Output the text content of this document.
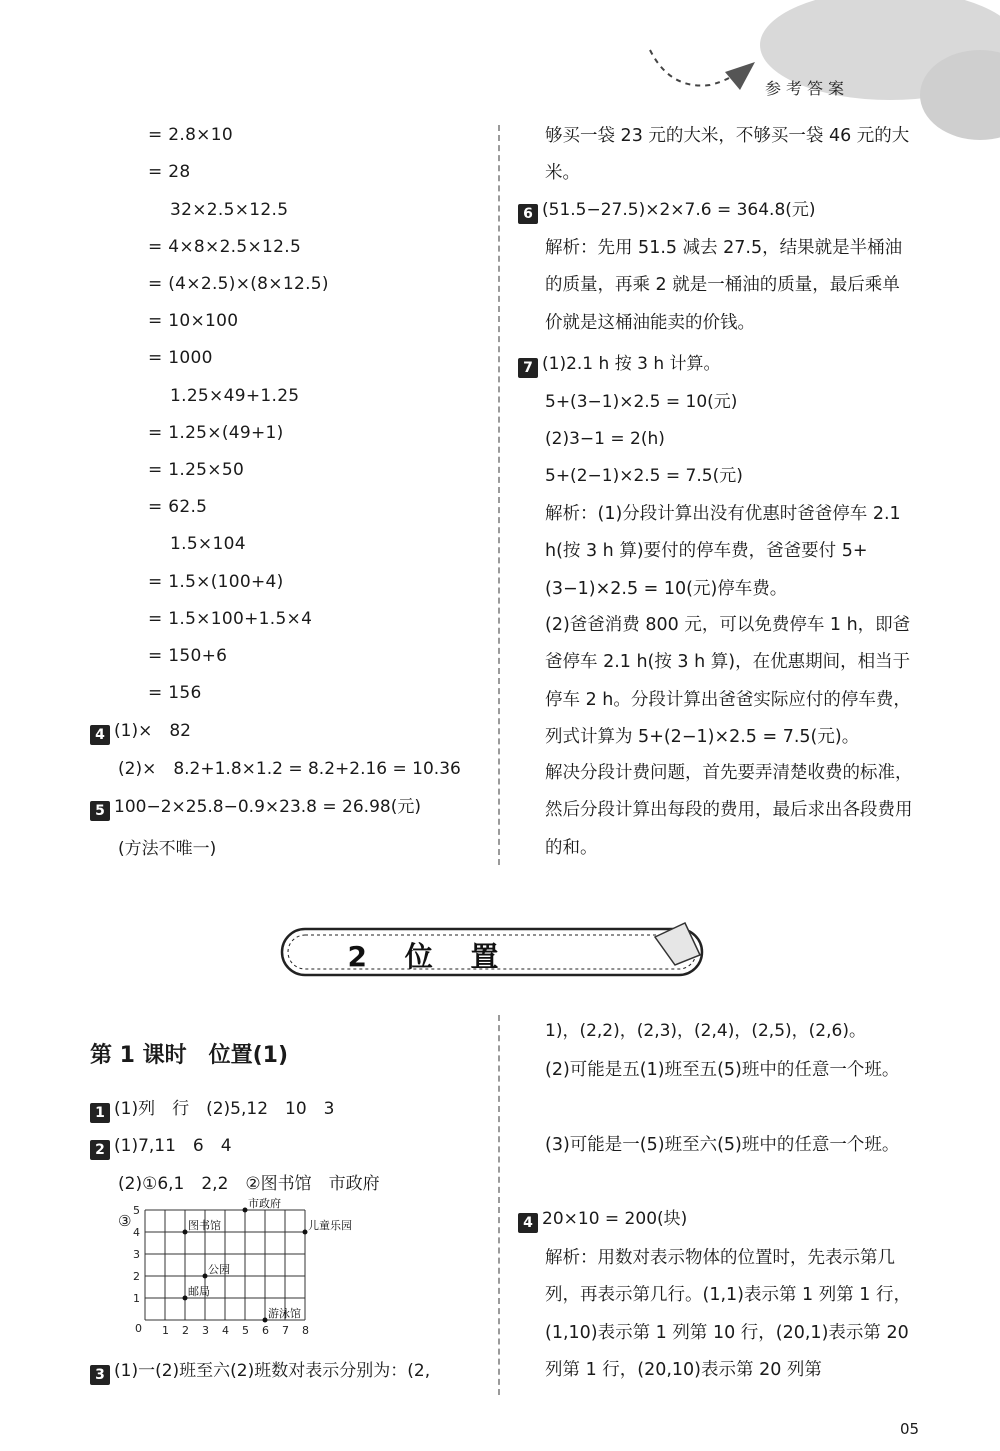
参考答案
= 2.8×10
= 28
32×2.5×12.5
= 4×8×2.5×12.5
= (4×2.5)×(8×12.5)
= 10×100
= 1000
1.25×49+1.25
= 1.25×(49+1)
= 1.25×50
= 62.5
1.5×104
= 1.5×(100+4)
= 1.5×100+1.5×4
= 150+6
= 156
4 (1)×　82
(2)×　8.2+1.8×1.2 = 8.2+2.16 = 10.36
5 100−2×25.8−0.9×23.8 = 26.98(元)
(方法不唯一)
够买一袋 23 元的大米，不够买一袋 46 元的大米。
6 (51.5−27.5)×2×7.6 = 364.8(元)
解析：先用 51.5 减去 27.5，结果就是半桶油的质量，再乘 2 就是一桶油的质量，最后乘单价就是这桶油能卖的价钱。
7 (1)2.1 h 按 3 h 计算。
5+(3−1)×2.5 = 10(元)
(2)3−1 = 2(h)
5+(2−1)×2.5 = 7.5(元)
解析：(1)分段计算出没有优惠时爸爸停车 2.1 h(按 3 h 算)要付的停车费，爸爸要付 5+(3−1)×2.5 = 10(元)停车费。
(2)爸爸消费 800 元，可以免费停车 1 h，即爸爸停车 2.1 h(按 3 h 算)，在优惠期间，相当于停车 2 h。分段计算出爸爸实际应付的停车费，列式计算为 5+(2−1)×2.5 = 7.5(元)。
解决分段计费问题，首先要弄清楚收费的标准，然后分段计算出每段的费用，最后求出各段费用的和。
2 位 置
第 1 课时　位置(1)
1 (1)列　行　(2)5,12　10　3
2 (1)7,11　6　4
(2)①6,1　2,2　②图书馆　市政府
③
0 1 2 3 4 5 6 7 8
1
2
3
4
5
市政府
儿童乐园
图书馆
公园
邮局
游泳馆
3 (1)一(2)班至六(2)班数对表示分别为：(2,
1)，(2,2)，(2,3)，(2,4)，(2,5)，(2,6)。
(2)可能是五(1)班至五(5)班中的任意一个班。
(3)可能是一(5)班至六(5)班中的任意一个班。
4 20×10 = 200(块)
解析：用数对表示物体的位置时，先表示第几列，再表示第几行。(1,1)表示第 1 列第 1 行，(1,10)表示第 1 列第 10 行，(20,1)表示第 20 列第 1 行，(20,10)表示第 20 列第
05
